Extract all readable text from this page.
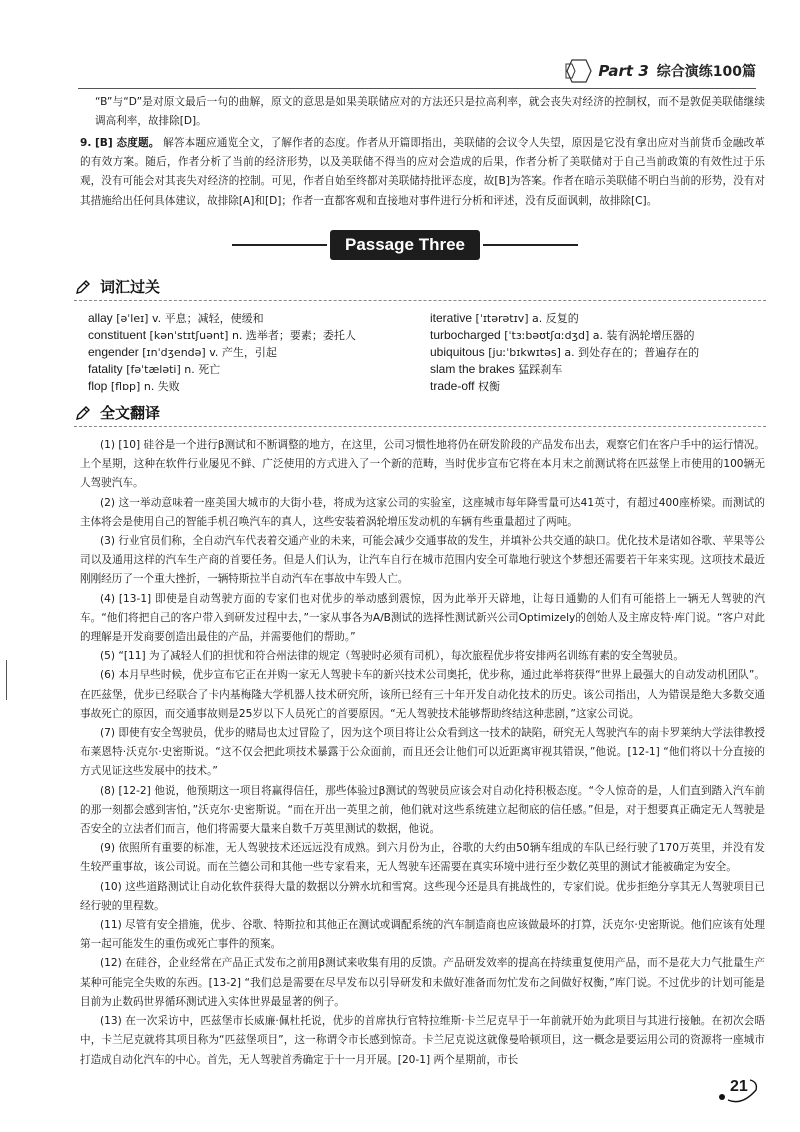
Part 3 综合演练100篇
“B”与“D”是对原文最后一句的曲解，原文的意思是如果美联储应对的方法还只是拉高利率，就会丧失对经济的控制权，而不是敦促美联储继续调高利率，故排除[D]。
9. [B] 态度题。 解答本题应通览全文，了解作者的态度。作者从开篇即指出，美联储的会议令人失望，原因是它没有拿出应对当前货币金融改革的有效方案。随后，作者分析了当前的经济形势，以及美联储不得当的应对会造成的后果，作者分析了美联储对于自己当前政策的有效性过于乐观，没有可能会对其丧失对经济的控制。可见，作者自始至终都对美联储持批评态度，故[B]为答案。作者在暗示美联储不明白当前的形势，没有对其措施给出任何具体建议，故排除[A]和[D]；作者一直都客观和直接地对事件进行分析和评述，没有反面讽刺，故排除[C]。
Passage Three
词汇过关
allay [əˈleɪ] v. 平息；减轻，使缓和
constituent [kənˈstɪtʃuənt] n. 选举者；要素；委托人
engender [ɪnˈdʒendə] v. 产生，引起
fatality [fəˈtæləti] n. 死亡
flop [flɒp] n. 失败
iterative [ˈɪtərətɪv] a. 反复的
turbocharged [ˈtɜːbəʊtʃɑːdʒd] a. 装有涡轮增压器的
ubiquitous [juːˈbɪkwɪtəs] a. 到处存在的；普遍存在的
slam the brakes 猛踩刹车
trade-off 权衡
全文翻译

(1) [10] 硅谷是一个进行β测试和不断调整的地方，在这里，公司习惯性地将仍在研发阶段的产品发布出去，观察它们在客户手中的运行情况。上个星期，这种在软件行业屡见不鲜、广泛使用的方式进入了一个新的范畴，当时优步宣布它将在本月末之前测试将在匹兹堡上市使用的100辆无人驾驶汽车。

(2) 这一举动意味着一座美国大城市的大街小巷，将成为这家公司的实验室，这座城市每年降雪量可达41英寸，有超过400座桥梁。而测试的主体将会是使用自己的智能手机召唤汽车的真人，这些安装着涡轮增压发动机的车辆有些重量超过了两吨。

(3) 行业官员们称，全自动汽车代表着交通产业的未来，可能会减少交通事故的发生，并填补公共交通的缺口。优化技术是诸如谷歌、苹果等公司以及通用这样的汽车生产商的首要任务。但是人们认为，让汽车自行在城市范围内安全可靠地行驶这个梦想还需要若干年来实现。这项技术最近刚刚经历了一个重大挫折，一辆特斯拉半自动汽车在事故中车毁人亡。

(4) [13-1] 即使是自动驾驶方面的专家们也对优步的举动感到震惊，因为此举开天辟地，让每日通勤的人们有可能搭上一辆无人驾驶的汽车。“他们将把自己的客户带入到研发过程中去，”一家从事各为A/B测试的选择性测试新兴公司Optimizely的创始人及主席皮特·库门说。“客户对此的理解是开发商要创造出最佳的产品，并需要他们的帮助。”

(5) “[11] 为了减轻人们的担忧和符合州法律的规定（驾驶时必须有司机），每次旅程优步将安排两名训练有素的安全驾驶员。

(6) 本月早些时候，优步宣布它正在并购一家无人驾驶卡车的新兴技术公司奥托，优步称，通过此举将获得“世界上最强大的自动发动机团队”。在匹兹堡，优步已经联合了卡内基梅隆大学机器人技术研究所，该所已经有三十年开发自动化技术的历史。该公司指出，人为错误是绝大多数交通事故死亡的原因，而交通事故则是25岁以下人员死亡的首要原因。“无人驾驶技术能够帮助终结这种悲剧，”这家公司说。

(7) 即使有安全驾驶员，优步的赌局也太过冒险了，因为这个项目将让公众看到这一技术的缺陷，研究无人驾驶汽车的南卡罗莱纳大学法律教授布莱恩特·沃克尔·史密斯说。“这不仅会把此项技术暴露于公众面前，而且还会让他们可以近距离审视其错误，”他说。[12-1] “他们将以十分直接的方式见证这些发展中的技术。”

(8) [12-2] 他说，他预期这一项目将赢得信任，那些体验过β测试的驾驶员应该会对自动化持积极态度。“令人惊奇的是，人们直到踏入汽车前的那一刻都会感到害怕，”沃克尔·史密斯说。“而在开出一英里之前，他们就对这些系统建立起彻底的信任感。”但是，对于想要真正确定无人驾驶是否安全的立法者们而言，他们将需要大量来自数千万英里测试的数据，他说。

(9) 依照所有重要的标准，无人驾驶技术还远远没有成熟。到六月份为止，谷歌的大约由50辆车组成的车队已经行驶了170万英里，并没有发生较严重事故，该公司说。而在兰德公司和其他一些专家看来，无人驾驶车还需要在真实环境中进行至少数亿英里的测试才能被确定为安全。

(10) 这些道路测试让自动化软件获得大量的数据以分辨水坑和雪窝。这些现今还是具有挑战性的，专家们说。优步拒绝分享其无人驾驶项目已经行驶的里程数。

(11) 尽管有安全措施，优步、谷歌、特斯拉和其他正在测试或调配系统的汽车制造商也应该做最坏的打算，沃克尔·史密斯说。他们应该有处理第一起可能发生的重伤或死亡事件的预案。

(12) 在硅谷，企业经常在产品正式发布之前用β测试来收集有用的反馈。产品研发效率的提高在持续重复使用产品，而不是花大力气批量生产某种可能完全失败的东西。[13-2] “我们总是需要在尽早发布以引导研发和未做好准备而勿忙发布之间做好权衡，”库门说。不过优步的计划可能是目前为止数码世界循环测试进入实体世界最显著的例子。

(13) 在一次采访中，匹兹堡市长威廉·佩杜托说，优步的首席执行官特拉维斯·卡兰尼克早于一年前就开始为此项目与其进行接触。在初次会晤中，卡兰尼克就将其项目称为“匹兹堡项目”，这一称谓令市长感到惊奇。卡兰尼克说这就像曼哈顿项目，这一概念是要运用公司的资源将一座城市打造成自动化汽车的中心。首先，无人驾驶首秀确定于十一月开展。[20-1] 两个星期前，市长

21
